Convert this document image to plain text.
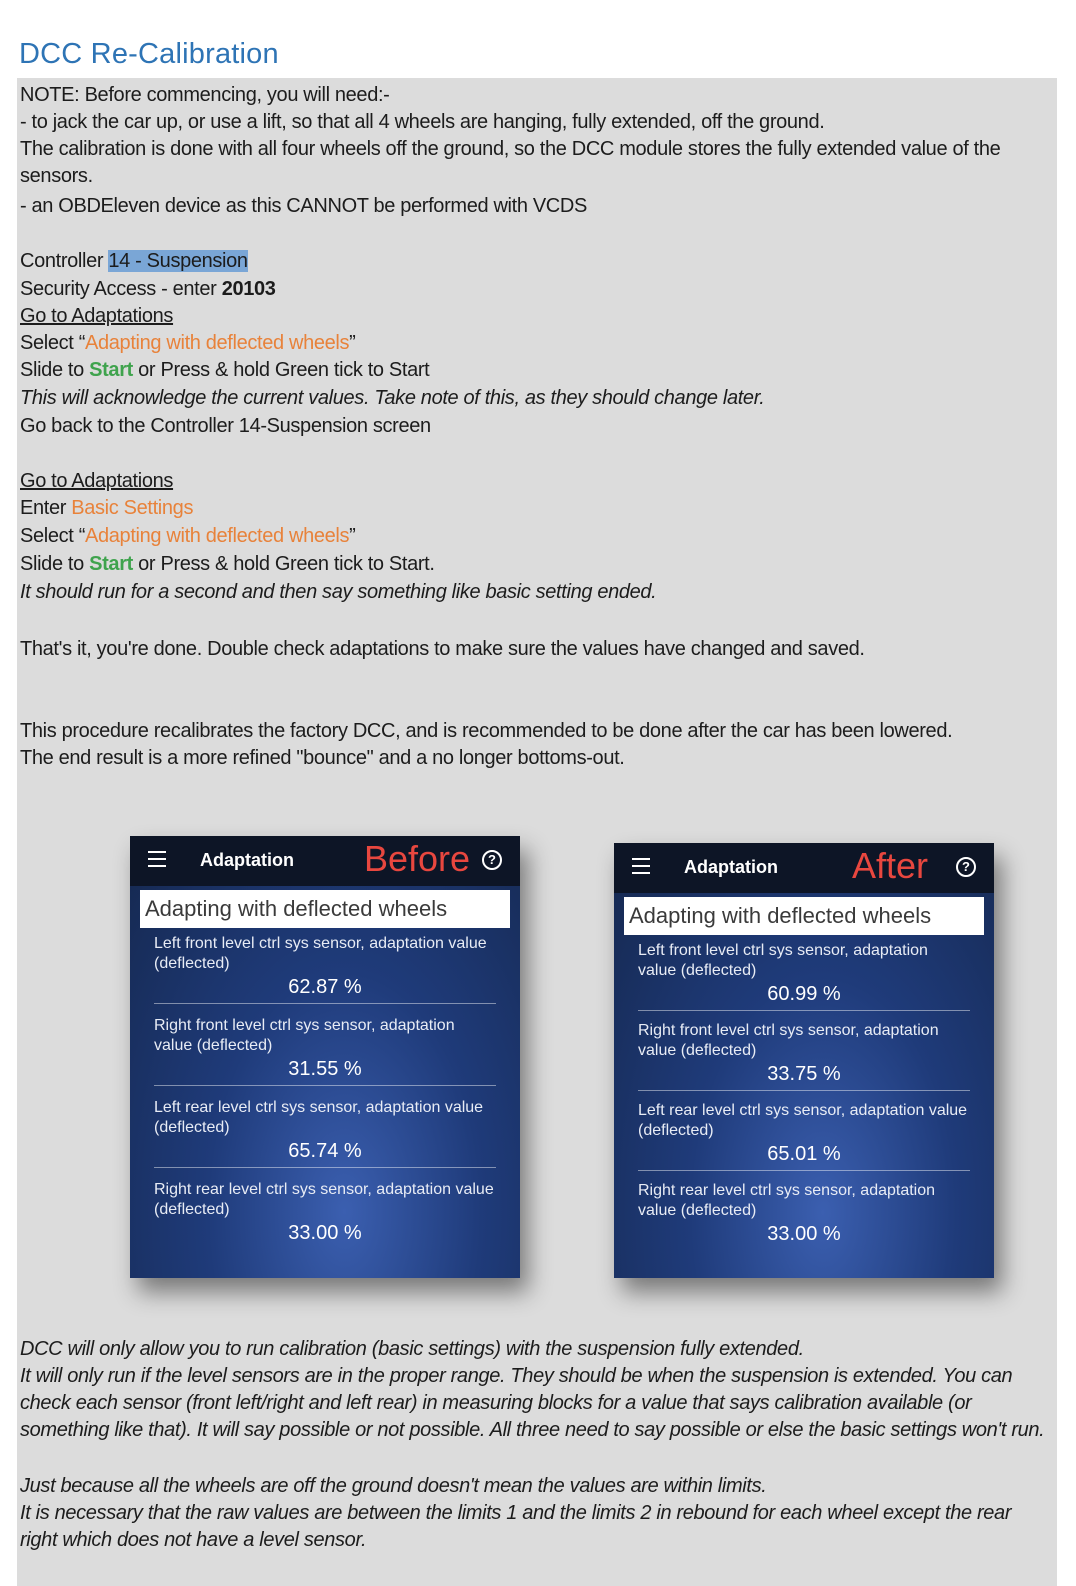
DCC Re-Calibration
NOTE: Before commencing, you will need:-
- to jack the car up, or use a lift, so that all 4 wheels are hanging, fully extended, off the ground.
The calibration is done with all four wheels off the ground, so the DCC module stores the fully extended value of the sensors.
- an OBDEleven device as this CANNOT be performed with VCDS
Controller 14 - Suspension
Security Access - enter 20103
Go to Adaptations
Select “Adapting with deflected wheels”
Slide to Start or Press & hold Green tick to Start
This will acknowledge the current values. Take note of this, as they should change later.
Go back to the Controller 14-Suspension screen
Go to Adaptations
Enter Basic Settings
Select “Adapting with deflected wheels”
Slide to Start or Press & hold Green tick to Start.
It should run for a second and then say something like basic setting ended.
That's it, you're done. Double check adaptations to make sure the values have changed and saved.
This procedure recalibrates the factory DCC, and is recommended to be done after the car has been lowered.
The end result is a more refined "bounce" and a no longer bottoms-out.
Adaptation Before	?
Adapting with deflected wheels
Left front level ctrl sys sensor, adaptation value (deflected)
62.87 %
Right front level ctrl sys sensor, adaptation value (deflected)
31.55 %
Left rear level ctrl sys sensor, adaptation value (deflected)
65.74 %
Right rear level ctrl sys sensor, adaptation value (deflected)
33.00 %
Adaptation After	?
Adapting with deflected wheels
Left front level ctrl sys sensor, adaptation value (deflected)
60.99 %
Right front level ctrl sys sensor, adaptation value (deflected)
33.75 %
Left rear level ctrl sys sensor, adaptation value (deflected)
65.01 %
Right rear level ctrl sys sensor, adaptation value (deflected)
33.00 %
DCC will only allow you to run calibration (basic settings) with the suspension fully extended.
It will only run if the level sensors are in the proper range. They should be when the suspension is extended. You can check each sensor (front left/right and left rear) in measuring blocks for a value that says calibration available (or something like that). It will say possible or not possible. All three need to say possible or else the basic settings won't run.
Just because all the wheels are off the ground doesn't mean the values are within limits.
It is necessary that the raw values are between the limits 1 and the limits 2 in rebound for each wheel except the rear right which does not have a level sensor.
